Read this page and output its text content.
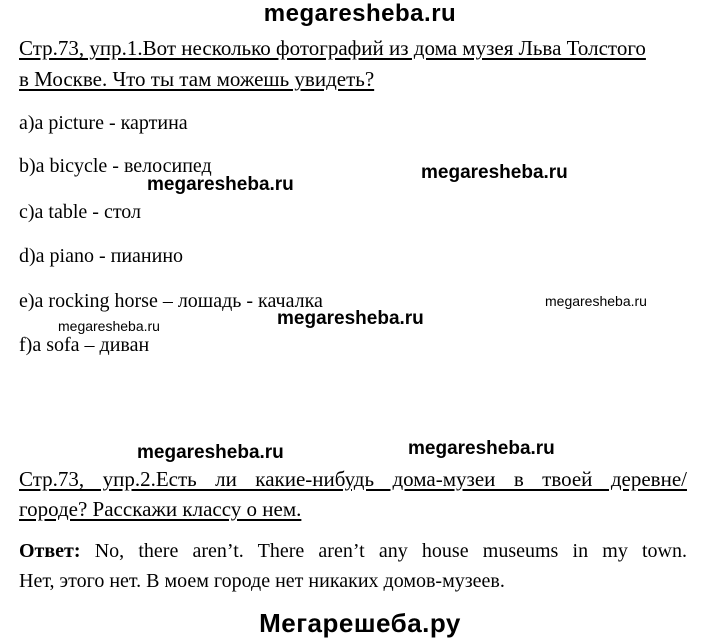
megaresheba.ru
Стр.73, упр.1.Вот несколько фотографий из дома музея Льва Толстого
в Москве. Что ты там можешь увидеть?
a)a picture - картина
b)a bicycle - велосипед
c)a table - стол
d)a piano - пианино
e)a rocking horse – лошадь - качалка
f)a sofa – диван
megaresheba.ru
megaresheba.ru
megaresheba.ru
megaresheba.ru	megaresheba.ru
megaresheba.ru	megaresheba.ru
Стр.73, упр.2.Есть ли какие-нибудь дома-музеи в твоей деревне/
городе? Расскажи классу о нем.
Ответ: No, there aren’t. There aren’t any house museums in my town.
Нет, этого нет. В моем городе нет никаких домов-музеев.
Мегарешеба.ру
